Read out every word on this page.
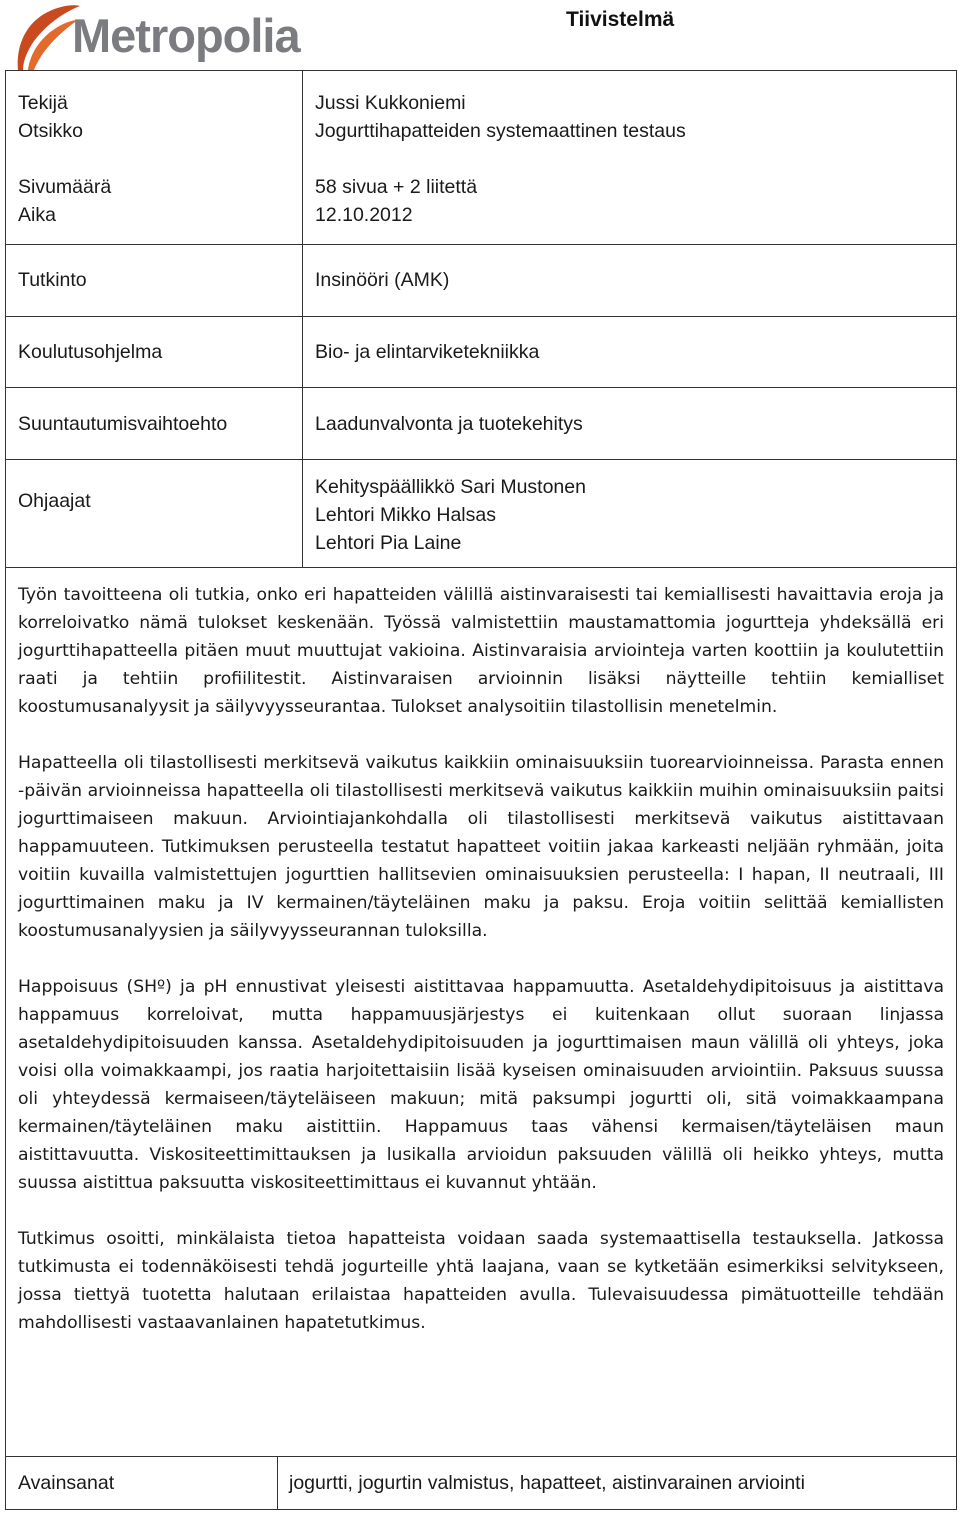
Metropolia	Tiivistelmä
Tekijä
Otsikko
Sivumäärä
Aika
Tutkinto
Koulutusohjelma
Suuntautumisvaihtoehto
Ohjaajat
Jussi Kukkoniemi
Jogurttihapatteiden systemaattinen testaus
58 sivua + 2 liitettä
12.10.2012
Insinööri (AMK)
Bio- ja elintarviketekniikka
Laadunvalvonta ja tuotekehitys
Kehityspäällikkö Sari Mustonen
Lehtori Mikko Halsas
Lehtori Pia Laine

Työn tavoitteena oli tutkia, onko eri hapatteiden välillä aistinvaraisesti tai kemiallisesti havaittavia eroja ja korreloivatko nämä tulokset keskenään. Työssä valmistettiin maustamattomia jogurtteja yhdeksällä eri jogurttihapatteella pitäen muut muuttujat vakioina. Aistinvaraisia arviointeja varten koottiin ja koulutettiin raati ja tehtiin profiilitestit. Aistinvaraisen arvioinnin lisäksi näytteille tehtiin kemialliset koostumusanalyysit ja säilyvyysseurantaa. Tulokset analysoitiin tilastollisin menetelmin.

Hapatteella oli tilastollisesti merkitsevä vaikutus kaikkiin ominaisuuksiin tuorearvioinneissa. Parasta ennen -päivän arvioinneissa hapatteella oli tilastollisesti merkitsevä vaikutus kaikkiin muihin ominaisuuksiin paitsi jogurttimaiseen makuun. Arviointiajankohdalla oli tilastollisesti merkitsevä vaikutus aistittavaan happamuuteen. Tutkimuksen perusteella testatut hapatteet voitiin jakaa karkeasti neljään ryhmään, joita voitiin kuvailla valmistettujen jogurttien hallitsevien ominaisuuksien perusteella: I hapan, II neutraali, III jogurttimainen maku ja IV kermainen/täyteläinen maku ja paksu. Eroja voitiin selittää kemiallisten koostumusanalyysien ja säilyvyysseurannan tuloksilla.

Happoisuus (SHº) ja pH ennustivat yleisesti aistittavaa happamuutta. Asetaldehydipitoisuus ja aistittava happamuus korreloivat, mutta happamuusjärjestys ei kuitenkaan ollut suoraan linjassa asetaldehydipitoisuuden kanssa. Asetaldehydipitoisuuden ja jogurttimaisen maun välillä oli yhteys, joka voisi olla voimakkaampi, jos raatia harjoitettaisiin lisää kyseisen ominaisuuden arviointiin. Paksuus suussa oli yhteydessä kermaiseen/täyteläiseen makuun; mitä paksumpi jogurtti oli, sitä voimakkaampana kermainen/täyteläinen maku aistittiin. Happamuus taas vähensi kermaisen/täyteläisen maun aistittavuutta. Viskositeettimittauksen ja lusikalla arvioidun paksuuden välillä oli heikko yhteys, mutta suussa aistittua paksuutta viskositeettimittaus ei kuvannut yhtään.

Tutkimus osoitti, minkälaista tietoa hapatteista voidaan saada systemaattisella testauksella. Jatkossa tutkimusta ei todennäköisesti tehdä jogurteille yhtä laajana, vaan se kytketään esimerkiksi selvitykseen, jossa tiettyä tuotetta halutaan erilaistaa hapatteiden avulla. Tulevaisuudessa pimätuotteille tehdään mahdollisesti vastaavanlainen hapatetutkimus.

Avainsanat	jogurtti, jogurtin valmistus, hapatteet, aistinvarainen arviointi
